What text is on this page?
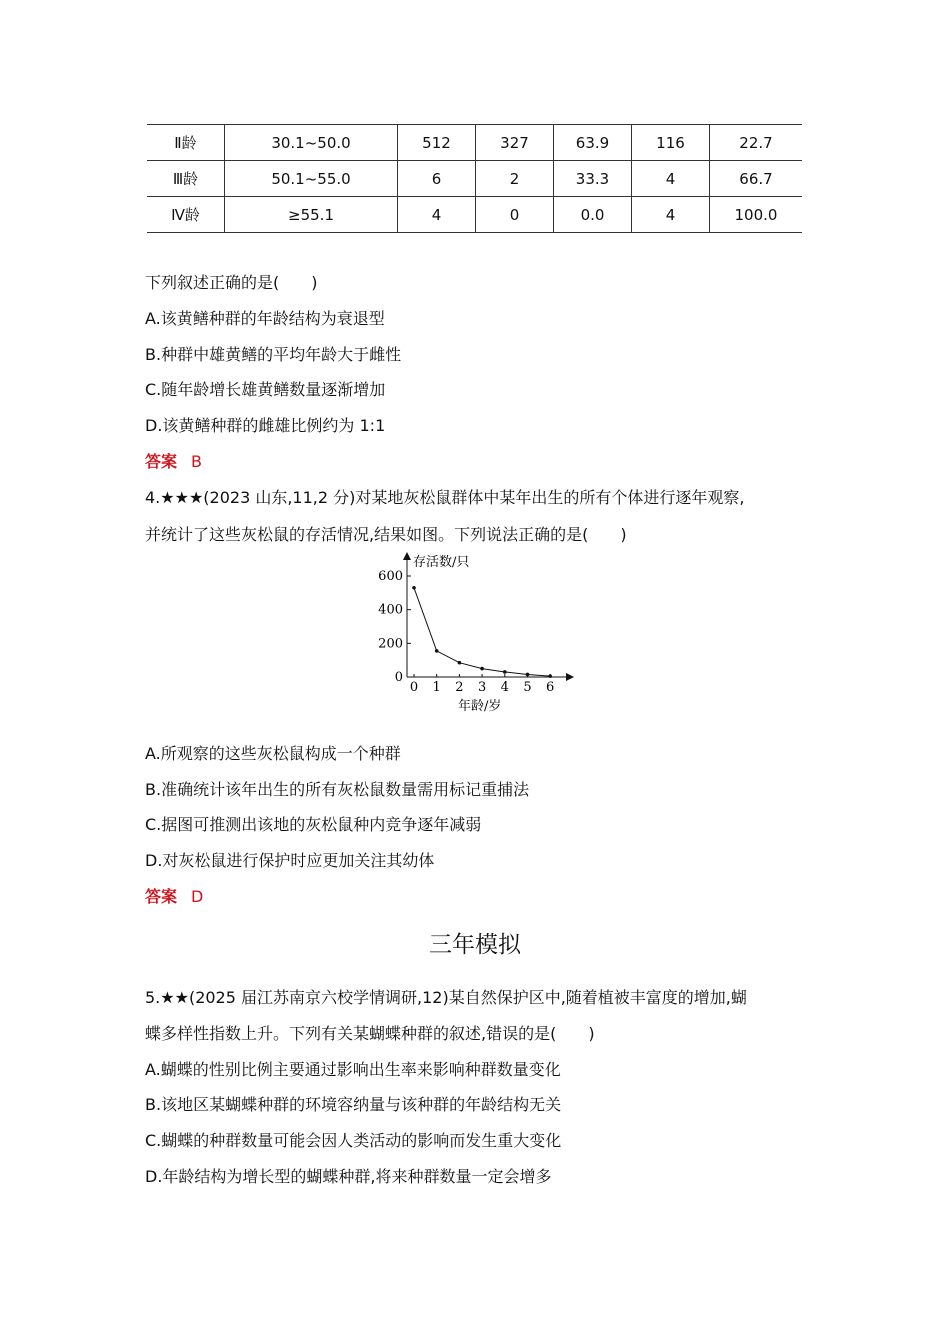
Ⅱ龄	30.1~50.0	512	327	63.9	116	22.7
Ⅲ龄	50.1~55.0	6	2	33.3	4	66.7
Ⅳ龄	≥55.1	4	0	0.0	4	100.0
下列叙述正确的是(　　)
A.该黄鳝种群的年龄结构为衰退型
B.种群中雄黄鳝的平均年龄大于雌性
C.随年龄增长雄黄鳝数量逐渐增加
D.该黄鳝种群的雌雄比例约为 1:1
答案 B
4.★★★(2023 山东,11,2 分)对某地灰松鼠群体中某年出生的所有个体进行逐年观察,
并统计了这些灰松鼠的存活情况,结果如图。下列说法正确的是(　　)
存活数/只
年龄/岁
0
200
400
600
0 1 2 3 4 5 6
A.所观察的这些灰松鼠构成一个种群
B.准确统计该年出生的所有灰松鼠数量需用标记重捕法
C.据图可推测出该地的灰松鼠种内竞争逐年减弱
D.对灰松鼠进行保护时应更加关注其幼体
答案 D
三年模拟
5.★★(2025 届江苏南京六校学情调研,12)某自然保护区中,随着植被丰富度的增加,蝴
蝶多样性指数上升。下列有关某蝴蝶种群的叙述,错误的是(　　)
A.蝴蝶的性别比例主要通过影响出生率来影响种群数量变化
B.该地区某蝴蝶种群的环境容纳量与该种群的年龄结构无关
C.蝴蝶的种群数量可能会因人类活动的影响而发生重大变化
D.年龄结构为增长型的蝴蝶种群,将来种群数量一定会增多
